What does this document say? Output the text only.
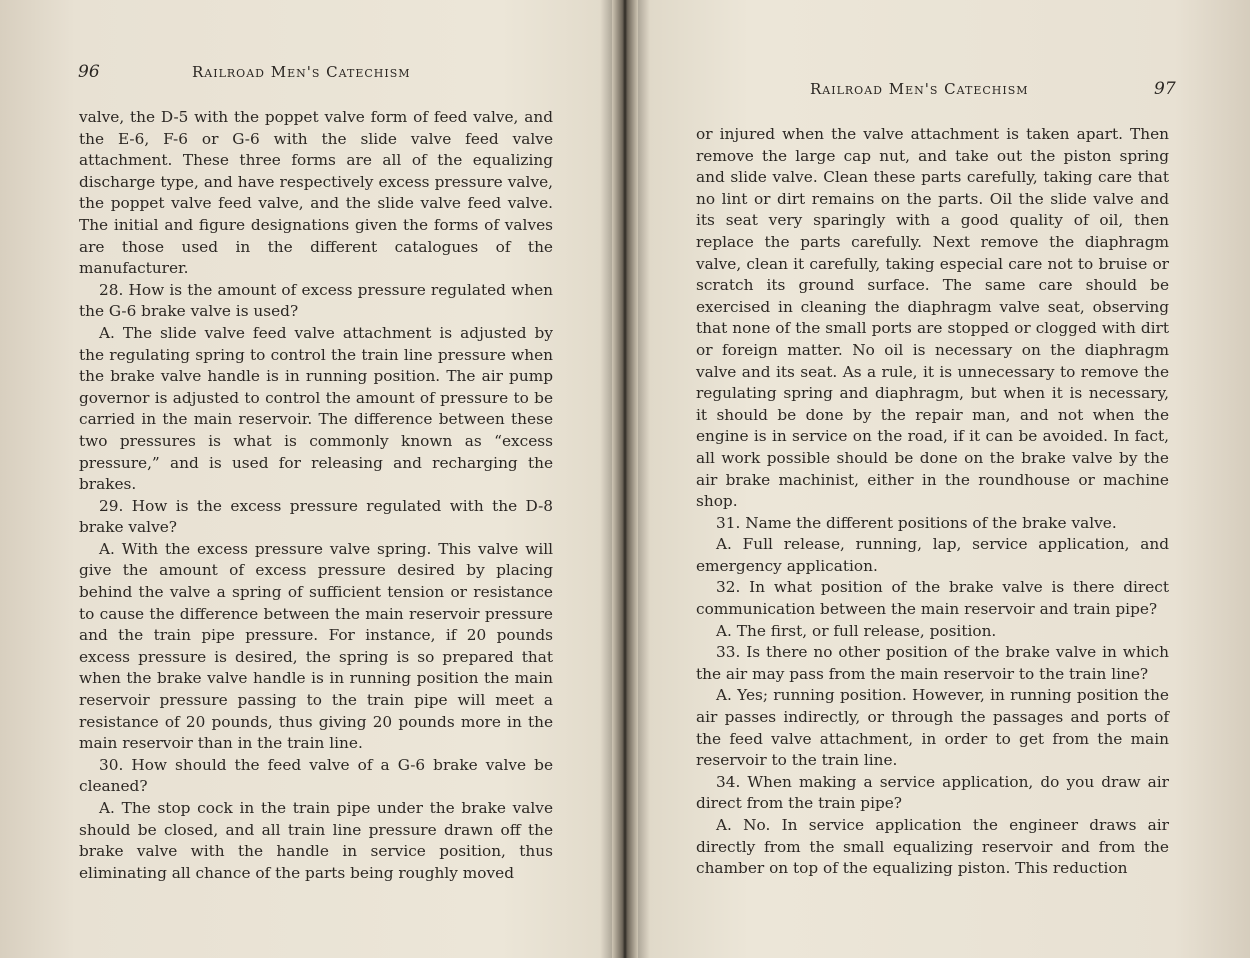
96	Railroad Men's Catechism

valve, the D-5 with the poppet valve form of feed valve, and the E-6, F-6 or G-6 with the slide valve feed valve attachment. These three forms are all of the equalizing discharge type, and have respectively excess pressure valve, the poppet valve feed valve, and the slide valve feed valve. The initial and figure designations given the forms of valves are those used in the different catalogues of the manufacturer.

28. How is the amount of excess pressure regulated when the G-6 brake valve is used?

A. The slide valve feed valve attachment is adjusted by the regulating spring to control the train line pressure when the brake valve handle is in running position. The air pump governor is adjusted to control the amount of pressure to be carried in the main reservoir. The difference between these two pressures is what is commonly known as “excess pressure,” and is used for releasing and recharging the brakes.

29. How is the excess pressure regulated with the D-8 brake valve?

A. With the excess pressure valve spring. This valve will give the amount of excess pressure desired by placing behind the valve a spring of sufficient tension or resistance to cause the difference between the main reservoir pressure and the train pipe pressure. For instance, if 20 pounds excess pressure is desired, the spring is so prepared that when the brake valve handle is in running position the main reservoir pressure passing to the train pipe will meet a resistance of 20 pounds, thus giving 20 pounds more in the main reservoir than in the train line.

30. How should the feed valve of a G-6 brake valve be cleaned?

A. The stop cock in the train pipe under the brake valve should be closed, and all train line pressure drawn off the brake valve with the handle in service position, thus eliminating all chance of the parts being roughly moved

Railroad Men's Catechism	97

or injured when the valve attachment is taken apart. Then remove the large cap nut, and take out the piston spring and slide valve. Clean these parts carefully, taking care that no lint or dirt remains on the parts. Oil the slide valve and its seat very sparingly with a good quality of oil, then replace the parts carefully. Next remove the diaphragm valve, clean it carefully, taking especial care not to bruise or scratch its ground surface. The same care should be exercised in cleaning the diaphragm valve seat, observing that none of the small ports are stopped or clogged with dirt or foreign matter. No oil is necessary on the diaphragm valve and its seat. As a rule, it is unnecessary to remove the regulating spring and diaphragm, but when it is necessary, it should be done by the repair man, and not when the engine is in service on the road, if it can be avoided. In fact, all work possible should be done on the brake valve by the air brake machinist, either in the roundhouse or machine shop.

31. Name the different positions of the brake valve.

A. Full release, running, lap, service application, and emergency application.

32. In what position of the brake valve is there direct communication between the main reservoir and train pipe?

A. The first, or full release, position.

33. Is there no other position of the brake valve in which the air may pass from the main reservoir to the train line?

A. Yes; running position. However, in running position the air passes indirectly, or through the passages and ports of the feed valve attachment, in order to get from the main reservoir to the train line.

34. When making a service application, do you draw air direct from the train pipe?

A. No. In service application the engineer draws air directly from the small equalizing reservoir and from the chamber on top of the equalizing piston. This reduction
